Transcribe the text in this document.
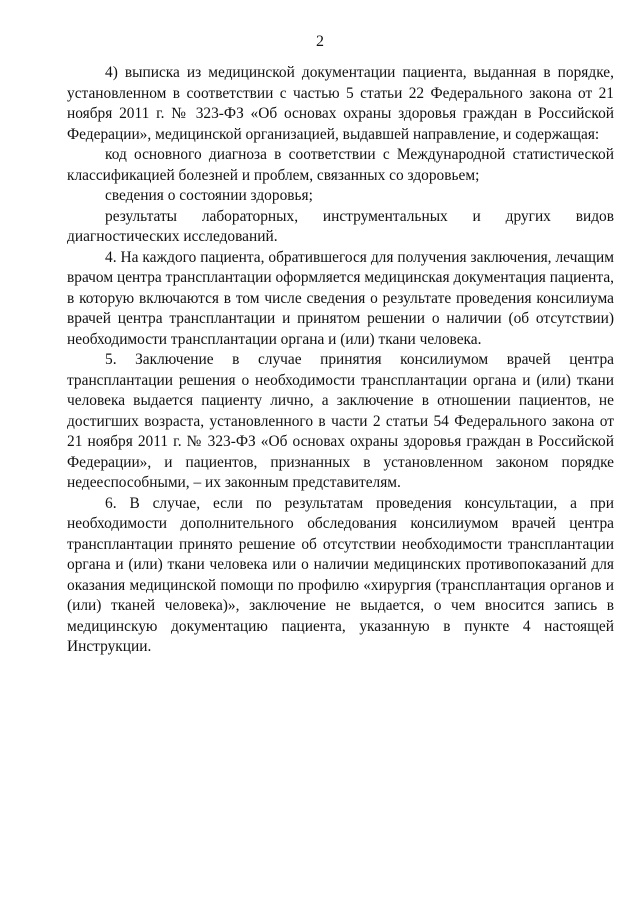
2

4) выписка из медицинской документации пациента, выданная в порядке, установленном в соответствии с частью 5 статьи 22 Федерального закона от 21 ноября 2011 г. № 323-ФЗ «Об основах охраны здоровья граждан в Российской Федерации», медицинской организацией, выдавшей направление, и содержащая:

код основного диагноза в соответствии с Международной статистической классификацией болезней и проблем, связанных со здоровьем;

сведения о состоянии здоровья;

результаты лабораторных, инструментальных и других видов диагностических исследований.

4. На каждого пациента, обратившегося для получения заключения, лечащим врачом центра трансплантации оформляется медицинская документация пациента, в которую включаются в том числе сведения о результате проведения консилиума врачей центра трансплантации и принятом решении о наличии (об отсутствии) необходимости трансплантации органа и (или) ткани человека.

5. Заключение в случае принятия консилиумом врачей центра трансплантации решения о необходимости трансплантации органа и (или) ткани человека выдается пациенту лично, а заключение в отношении пациентов, не достигших возраста, установленного в части 2 статьи 54 Федерального закона от 21 ноября 2011 г. № 323-ФЗ «Об основах охраны здоровья граждан в Российской Федерации», и пациентов, признанных в установленном законом порядке недееспособными, – их законным представителям.

6. В случае, если по результатам проведения консультации, а при необходимости дополнительного обследования консилиумом врачей центра трансплантации принято решение об отсутствии необходимости трансплантации органа и (или) ткани человека или о наличии медицинских противопоказаний для оказания медицинской помощи по профилю «хирургия (трансплантация органов и (или) тканей человека)», заключение не выдается, о чем вносится запись в медицинскую документацию пациента, указанную в пункте 4 настоящей Инструкции.
